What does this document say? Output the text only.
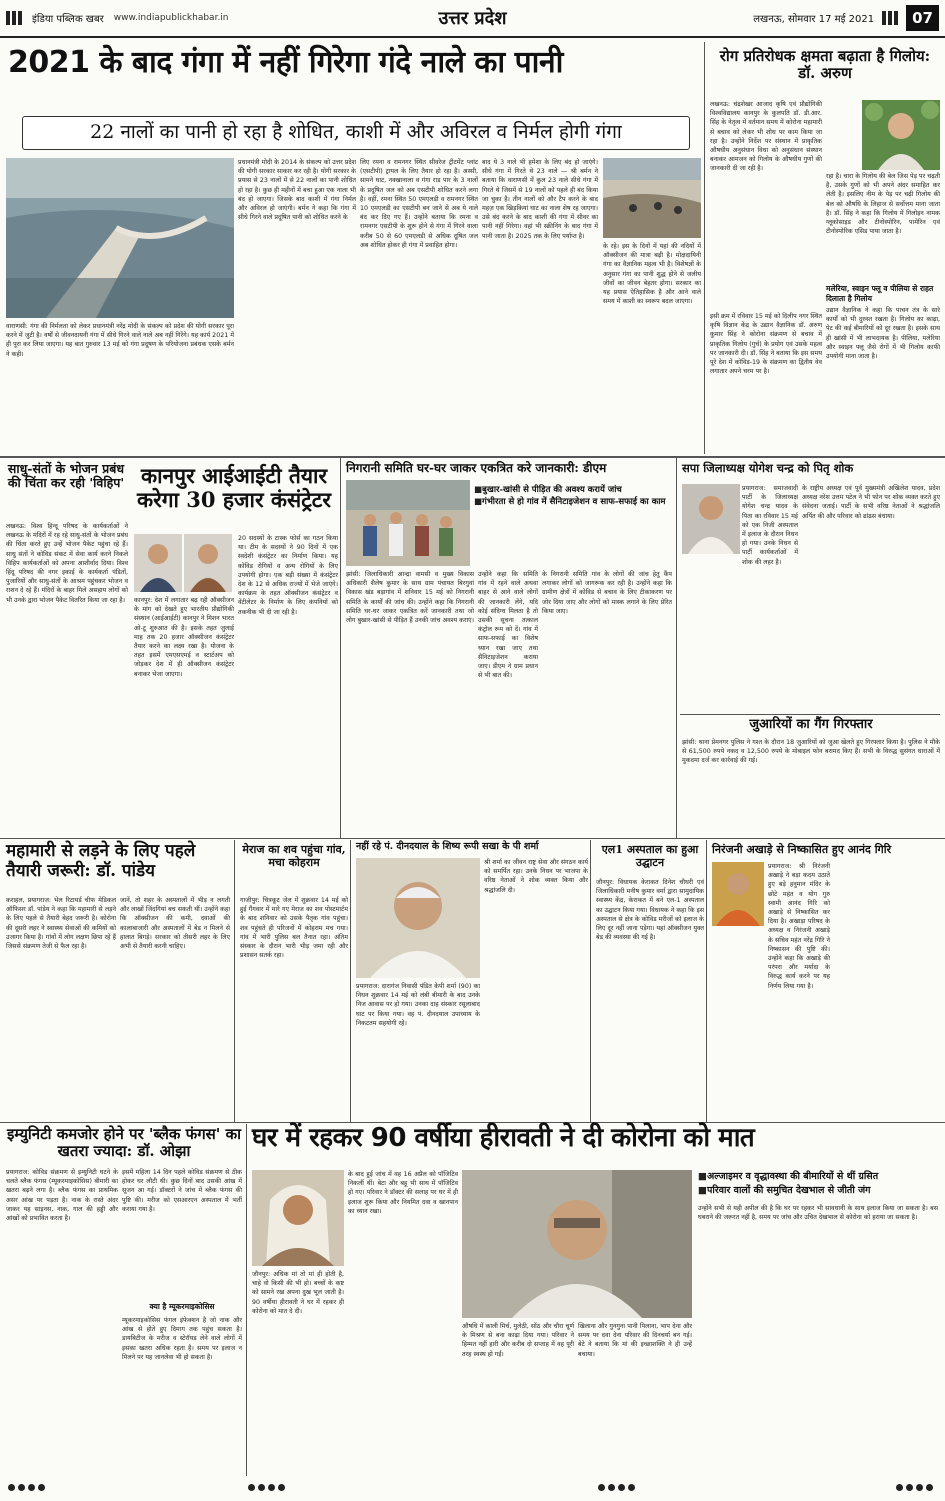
इंडिया पब्लिक खबर www.indiapublickhabar.in	उत्तर प्रदेश	लखनऊ, सोमवार 17 मई 2021	07
2021 के बाद गंगा में नहीं गिरेगा गंदे नाले का पानी
22 नालों का पानी हो रहा है शोधित, काशी में और अविरल व निर्मल होगी गंगा
वाराणसी: गंगा की निर्मलता को लेकर प्रधानमंत्री नरेंद्र मोदी के संकल्प को प्रदेश की योगी सरकार पूरा करने में जुटी है। वर्षों से जीवनदायनी गंगा में सीधे गिरने वाले नाले अब नहीं गिरेंगे। यह कार्य 2021 में ही पूरा कर लिया जाएगा। यह बात गुरुवार 13 मई को गंगा प्रदूषण के परियोजना प्रबंधक एसके बर्मन ने कही।
प्रधानमंत्री मोदी के 2014 के संकल्प को उत्तर प्रदेश की योगी सरकार साकार कर रही है। योगी सरकार के प्रयास से 23 नालों में से 22 नालों का पानी शोधित हो रहा है। कुछ ही महीनों में बचा हुआ एक नाला भी बंद हो जाएगा। जिसके बाद काशी में गंगा निर्मल और अविरल हो जाएंगी। बर्मन ने कहा कि गंगा में सीधे गिरने वाले प्रदूषित पानी को शोधित करने के
लिए रमना व रामनगर स्थित सीवरेज ट्रीटमेंट प्लांट (एसटीपी) ट्रायल के लिए तैयार हो रहा है। अस्सी, सामने घाट, नक्खानाला व गंगा राड पार के 3 नालों के प्रदूषित जल को अब एसटीपी शोधित करने लगा है। वहीं, रमना स्थित 50 एमएलडी व रामनगर स्थित 10 एमएलडी का एसटीपी बन जाने से अब ये नाले बंद कर दिए गए हैं। उन्होंने बताया कि रमना व रामनगर एसटीपी के शुरू होने से गंगा में गिरने वाला करीब 50 से 60 एमएलडी से अधिक दूषित जल अब शोधित होकर ही गंगा में प्रवाहित होगा।
बाद ये 3 नाले भी हमेशा के लिए बंद हो जाएंगे। सीधे गंगा में गिरते थे 23 नाले — श्री बर्मन ने बताया कि वाराणसी में कुल 23 नाले सीधे गंगा में गिरते थे जिसमें से 19 नालों को पहले ही बंद किया जा चुका है। तीन नालों को और टैप करने के बाद महज़ एक खिड़कियां घाट का नाला शेष रह जाएगा। उसे बंद करने के बाद काशी की गंगा में सीवर का पानी नहीं गिरेगा। वहां भी स्क्रीनिंग के बाद गंगा में पानी जाता है। 2025 तक के लिए पर्याप्त है।
के रहे। इस के दिनों में यहां की नदियों में ऑक्सीजन की मात्रा बढ़ी है। मोक्षदायिनी गंगा का वैज्ञानिक महत्व भी है। विशेषज्ञों के अनुसार गंगा का पानी शुद्ध होने से जलीय जीवों का जीवन बेहतर होगा। सरकार का यह प्रयास ऐतिहासिक है और आने वाले समय में काशी का स्वरूप बदल जाएगा।
रोग प्रतिरोधक क्षमता बढ़ाता है गिलोय: डॉ. अरुण
लखनऊ: चंद्रशेखर आजाद कृषि एवं प्रौद्योगिकी विश्वविद्यालय कानपुर के कुलपति डॉ. डी.आर. सिंह के नेतृत्व में वर्तमान समय में कोरोना महामारी से बचाव को लेकर भी शोध पर काम किया जा रहा है। उन्होंने निर्देश पर संस्थान में प्राकृतिक औषधीय अनुसंधान विधा को अनुसंधान संस्थान बनाकर आमजन को गिलोय के औषधीय गुणों की जानकारी दी जा रही है।
इसी क्रम में रविवार 15 मई को दिलीप नगर स्थित कृषि विज्ञान केंद्र के उद्यान वैज्ञानिक डॉ. अरुण कुमार सिंह ने कोरोना संक्रमण से बचाव में प्राकृतिक गिलोय (गुर्च) के प्रयोग एवं उसके महत्व पर जानकारी दी। डॉ. सिंह ने बताया कि इस समय पूरे देश में कोविड-19 के संक्रमण का द्वितीय वेव लगातार अपने चरम पर है।
रहा है। चारा के गिलोय की बेल जिस पेड़ पर चढ़ती है, उसके गुणों को भी अपने अंदर समाहित कर लेती है। इसलिए नीम के पेड़ पर चढ़ी गिलोय की बेल को औषधि के लिहाज से सर्वोत्तम माना जाता है। डॉ. सिंह ने कहा कि गिलोय में गिलोइन नामक ग्लूकोसाइड और टीनोस्पोरिन, पामेरिन एवं टीनोस्पोरिक एसिड पाया जाता है।
मलेरिया, स्वाइन फ्लू व पीलिया से राहत दिलाता है गिलोय
उद्यान वैज्ञानिक ने कहा कि पाचन तंत्र के सारे कार्यों को भी दुरुस्त रखता है। गिलोय का काढ़ा, पेट की कई बीमारियों को दूर रखता है। इसके साथ ही खांसी में भी लाभदायक है। पीलिया, मलेरिया और स्वाइन फ्लू जैसे रोगों में भी गिलोय काफी उपयोगी माना जाता है।
साधु-संतों के भोजन प्रबंध की चिंता कर रही 'विहिप'
लखनऊ: विश्व हिन्दू परिषद के कार्यकर्ताओं ने लखनऊ के मंदिरों में रह रहे साधु-संतों के भोजन प्रबंध की चिंता करते हुए उन्हें भोजन पैकेट पहुंचा रहे हैं। साधु संतों ने कोविड संकट में सेवा कार्य करने निकले विहिप कार्यकर्ताओं को अपना आशीर्वाद दिया। विश्व हिंदू परिषद की नगर इकाई के कार्यकर्ता पंडितों, पुजारियों और साधु-संतों के आश्रम पहुंचकर भोजन व राशन दे रहे हैं। मंदिरों के बाहर मिले असहाय लोगों को भी उनके द्वारा भोजन पैकेट वितरित किया जा रहा है।
कानपुर आईआईटी तैयार करेगा 30 हजार कंसंट्रेटर
कानपुर: देश में लगातार बढ़ रही ऑक्सीजन के मांग को देखते हुए भारतीय प्रौद्योगिकी संस्थान (आईआईटी) कानपुर ने मिशन भारत ओ-टू शुरुआत की है। इसके तहत जुलाई माह तक 20 हजार ऑक्सीजन कंसंट्रेटर तैयार करने का लक्ष्य रखा है। योजना के तहत इसमें एमएसएमई व स्टार्टअप को जोड़कर देश में ही ऑक्सीजन कंसंट्रेटर बनाकर भेजा जाएगा।
20 सदस्यों के टास्क फोर्स का गठन किया था। टीम के सदस्यों ने 90 दिनों में एक स्वदेशी कंसंट्रेटर का निर्माण किया। यह कोविड रोगियों व अन्य रोगियों के लिए उपयोगी होगा। एक बड़ी संख्या में कंसंट्रेटर देश के 12 से अधिक राज्यों में भेजे जाएंगे। कार्यक्रम के तहत ऑक्सीजन कंसंट्रेटर व वेंटीलेटर के निर्माण के लिए कंपनियों को तकनीक भी दी जा रही है।
निगरानी समिति घर-घर जाकर एकत्रित करे जानकारी: डीएम
■ बुखार-खांसी से पीड़ित की अवश्य करायें जांच
■ गंभीरता से हो गांव में सैनिटाइजेशन व साफ-सफाई का काम
झांसी: जिलाधिकारी आन्द्रा वामसी व मुख्य विकास अधिकारी शैलेष कुमार के साथ ग्राम पंचायत बिरगुवां विकास खंड बड़ागांव में शनिवार 15 मई को निगरानी समिति के कार्यों की जांच की। उन्होंने कहा कि निगरानी समिति घर-घर जाकर एकत्रित करें जानकारी तथा जो लोग बुखार-खांसी से पीड़ित हैं उनकी जांच अवश्य कराएं।
उन्होंने कहा कि समिति गांव में रहने वाले अथवा बाहर से आने वाले लोगों की जानकारी लेंगे, यदि कोई संदिग्ध मिलता है तो उसकी सूचना तत्काल कंट्रोल रूम को दें। गांव में साफ-सफाई का विशेष ध्यान रखा जाए तथा सैनिटाइजेशन कराया जाए। डीएम ने ग्राम प्रधान से भी बात की।
के निगरानी समिति गांव के लोगों की जांच हेतु कैंप लगाकर लोगों को जागरूक कर रही है। उन्होंने कहा कि ग्रामीण क्षेत्रों में कोविड से बचाव के लिए टीकाकरण पर जोर दिया जाए और लोगों को मास्क लगाने के लिए प्रेरित किया जाए।
सपा जिलाध्यक्ष योगेश चन्द्र को पितृ शोक
प्रयागराज: समाजवादी पार्टी के जिलाध्यक्ष योगेश चन्द्र यादव के पिता का रविवार 15 मई को एक निजी अस्पताल में इलाज के दौरान निधन हो गया। उनके निधन से पार्टी कार्यकर्ताओं में शोक की लहर है।
के राष्ट्रीय अध्यक्ष एवं पूर्व मुख्यमंत्री अखिलेश यादव, प्रदेश अध्यक्ष नरेश उत्तम पटेल ने भी फोन पर शोक व्यक्त करते हुए संवेदना जताई। पार्टी के सभी वरिष्ठ नेताओं ने श्रद्धांजलि अर्पित की और परिवार को ढांढस बंधाया।
जुआरियों का गैंग गिरफ्तार
झांसी: थाना प्रेमनगर पुलिस ने गश्त के दौरान 18 जुआरियों को जुआ खेलते हुए गिरफ्तार किया है। पुलिस ने मौके से 61,500 रुपये नकद व 12,500 रुपये के मोबाइल फोन बरामद किए हैं। सभी के विरुद्ध सुसंगत धाराओं में मुकदमा दर्ज कर कार्रवाई की गई।
महामारी से लड़ने के लिए पहले तैयारी जरूरी: डॉ. पांडेय
कराहल, प्रयागराज: भेल रिटायर्ड चीफ मेडिकल ऑफिसर डॉ. पांडेय ने कहा कि महामारी से लड़ने के लिए पहले से तैयारी बेहद जरूरी है। कोरोना की दूसरी लहर ने स्वास्थ्य सेवाओं की कमियों को उजागर किया है। गांवों में लोग लक्षण छिपा रहे हैं जिससे संक्रमण तेजी से फैल रहा है।
जानें, तो शहर के अस्पतालों में भीड़ न लगती और लाखों जिंदगियां बच सकती थीं। उन्होंने कहा कि ऑक्सीजन की कमी, दवाओं की कालाबाजारी और अस्पतालों में बेड न मिलने से हालात बिगड़े। सरकार को तीसरी लहर के लिए अभी से तैयारी करनी चाहिए।
मेराज का शव पहुंचा गांव, मचा कोहराम
गाजीपुर: चित्रकूट जेल में शुक्रवार 14 मई को हुई गैंगवार में मारे गए मेराज का शव पोस्टमार्टम के बाद शनिवार को उसके पैतृक गांव पहुंचा। शव पहुंचते ही परिजनों में कोहराम मच गया। गांव में भारी पुलिस बल तैनात रहा। अंतिम संस्कार के दौरान भारी भीड़ जमा रही और प्रशासन सतर्क रहा।
नहीं रहे पं. दीनदयाल के शिष्य रूपी सखा के पी शर्मा
प्रयागराज: दारागंज निवासी पंडित केपी शर्मा (90) का निधन शुक्रवार 14 मई को लंबी बीमारी के बाद उनके निज आवास पर हो गया। उनका दाह संस्कार रसूलाबाद घाट पर किया गया। वह पं. दीनदयाल उपाध्याय के निकटतम सहयोगी रहे।
श्री शर्मा का जीवन राष्ट्र सेवा और संगठन कार्य को समर्पित रहा। उनके निधन पर भाजपा के वरिष्ठ नेताओं ने शोक व्यक्त किया और श्रद्धांजलि दी।
एल1 अस्पताल का हुआ उद्घाटन
जौनपुर: विधायक केराकत दिनेश चौधरी एवं जिलाधिकारी मनीष कुमार वर्मा द्वारा सामुदायिक स्वास्थ्य केंद्र, केराकत में बने एल-1 अस्पताल का उद्घाटन किया गया। विधायक ने कहा कि इस अस्पताल से क्षेत्र के कोविड मरीजों को इलाज के लिए दूर नहीं जाना पड़ेगा। यहां ऑक्सीजन युक्त बेड की व्यवस्था की गई है।
निरंजनी अखाड़े से निष्कासित हुए आनंद गिरि
प्रयागराज: श्री निरंजनी अखाड़े ने बड़ा कदम उठाते हुए बड़े हनुमान मंदिर के छोटे महंत व योग गुरु स्वामी आनंद गिरि को अखाड़े से निष्कासित कर दिया है। अखाड़ा परिषद के अध्यक्ष व निरंजनी अखाड़े के सचिव महंत नरेंद्र गिरि ने निष्कासन की पुष्टि की। उन्होंने कहा कि अखाड़े की परंपरा और मर्यादा के विरुद्ध कार्य करने पर यह निर्णय लिया गया है।
इम्युनिटी कमजोर होने पर 'ब्लैक फंगस' का खतरा ज्यादा: डॉ. ओझा
प्रयागराज: कोविड संक्रमण से इम्युनिटी घटने के चलते ब्लैक फंगस (म्यूकरमाइकोसिस) बीमारी का खतरा बढ़ने लगा है। ब्लैक फंगस का प्राथमिक असर आंख पर पड़ता है। नाक के रास्ते अंदर जाकर यह साइनस, नाक, गाल की हड्डी और आंखों को प्रभावित करता है।
इसमें महिला 14 दिन पहले कोविड संक्रमण से ठीक होकर घर लौटी थी। कुछ दिनों बाद उसकी आंख में सूजन आ गई। डॉक्टरों ने जांच में ब्लैक फंगस की पुष्टि की। मरीज को एसआरएन अस्पताल में भर्ती कराया गया है।
क्या है म्यूकरमाइकोसिस
म्यूकरमाइकोसिस फंगल इंफेक्शन है जो नाक और आंख से होते हुए दिमाग तक पहुंच सकता है। डायबिटीज के मरीज व स्टेरॉयड लेने वाले लोगों में इसका खतरा अधिक रहता है। समय पर इलाज न मिलने पर यह जानलेवा भी हो सकता है।
घर में रहकर 90 वर्षीया हीरावती ने दी कोरोना को मात
जौनपुर: अधिक मां तो मां ही होती है, चाहे वो किसी की भी हो। बच्चों के कष्ट को सामने रख अपना दुख भूल जाती है। 90 वर्षीया हीरावती ने घर में रहकर ही कोरोना को मात दे दी।
के बाद हुई जांच में वह 16 अप्रैल को पॉजिटिव निकलीं थीं। बेटा और बहू भी साथ में पॉजिटिव हो गए। परिवार ने डॉक्टर की सलाह पर घर में ही इलाज शुरू किया और नियमित दवा व खानपान का ध्यान रखा।
औषधि में काली मिर्च, मुलेठी, सोंठ और चौरा चूर्ण के मिश्रण से बना काढ़ा दिया गया। परिवार ने हिम्मत नहीं हारी और करीब दो सप्ताह में वह पूरी तरह स्वस्थ हो गईं।
खिलाना और गुनगुना पानी पिलाना, भाप देना और समय पर दवा देना परिवार की दिनचर्या बन गई। बेटे ने बताया कि मां की इच्छाशक्ति ने ही उन्हें बचाया।
■ अल्जाइमर व वृद्धावस्था की बीमारियों से थीं ग्रसित
■ परिवार वालों की समुचित देखभाल से जीती जंग
उन्होंने सभी से यही अपील की है कि घर पर रहकर भी सावधानी के साथ इलाज किया जा सकता है। बस घबराने की जरूरत नहीं है, समय पर जांच और उचित देखभाल से कोरोना को हराया जा सकता है।
